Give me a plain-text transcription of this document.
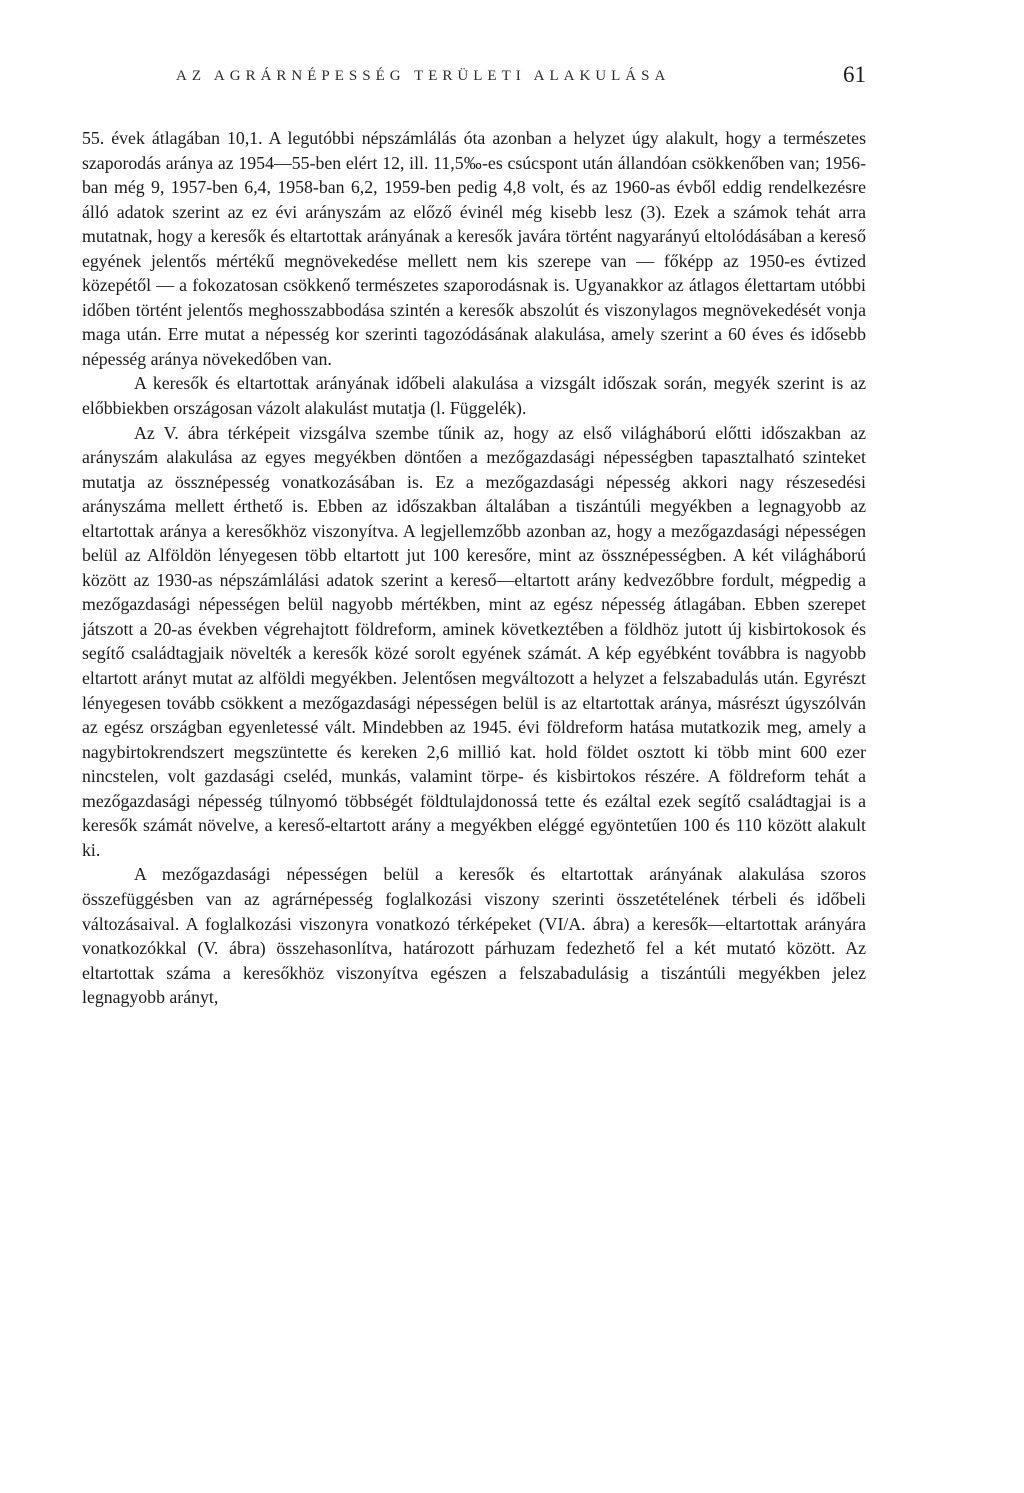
AZ AGRÁRNÉPESSÉG TERÜLETI ALAKULÁSA	61

55. évek átlagában 10,1. A legutóbbi népszámlálás óta azonban a helyzet úgy alakult, hogy a természetes szaporodás aránya az 1954—55-ben elért 12, ill. 11,5‰-es csúcspont után állandóan csökkenőben van; 1956-ban még 9, 1957-ben 6,4, 1958-ban 6,2, 1959-ben pedig 4,8 volt, és az 1960-as évből eddig rendelkezésre álló adatok szerint az ez évi arányszám az előző évinél még kisebb lesz (3). Ezek a számok tehát arra mutatnak, hogy a keresők és eltartottak arányának a keresők javára történt nagyarányú eltolódásában a kereső egyének jelentős mértékű megnövekedése mellett nem kis szerepe van — főképp az 1950-es évtized közepétől — a fokozatosan csökkenő természetes szaporodásnak is. Ugyanakkor az átlagos élettartam utóbbi időben történt jelentős meghosszabbodása szintén a keresők abszolút és viszonylagos megnövekedését vonja maga után. Erre mutat a népesség kor szerinti tagozódásának alakulása, amely szerint a 60 éves és idősebb népesség aránya növekedőben van.

A keresők és eltartottak arányának időbeli alakulása a vizsgált időszak során, megyék szerint is az előbbiekben országosan vázolt alakulást mutatja (l. Függelék).

Az V. ábra térképeit vizsgálva szembe tűnik az, hogy az első világháború előtti időszakban az arányszám alakulása az egyes megyékben döntően a mezőgazdasági népességben tapasztalható szinteket mutatja az össznépesség vonatkozásában is. Ez a mezőgazdasági népesség akkori nagy részesedési arányszáma mellett érthető is. Ebben az időszakban általában a tiszántúli megyékben a legnagyobb az eltartottak aránya a keresőkhöz viszonyítva. A legjellemzőbb azonban az, hogy a mezőgazdasági népességen belül az Alföldön lényegesen több eltartott jut 100 keresőre, mint az össznépességben. A két világháború között az 1930-as népszámlálási adatok szerint a kereső—eltartott arány kedvezőbbre fordult, mégpedig a mezőgazdasági népességen belül nagyobb mértékben, mint az egész népesség átlagában. Ebben szerepet játszott a 20-as években végrehajtott földreform, aminek következtében a földhöz jutott új kisbirtokosok és segítő családtagjaik növelték a keresők közé sorolt egyének számát. A kép egyébként továbbra is nagyobb eltartott arányt mutat az alföldi megyékben. Jelentősen megváltozott a helyzet a felszabadulás után. Egyrészt lényegesen tovább csökkent a mezőgazdasági népességen belül is az eltartottak aránya, másrészt úgyszólván az egész országban egyenletessé vált. Mindebben az 1945. évi földreform hatása mutatkozik meg, amely a nagybirtokrendszert megszüntette és kereken 2,6 millió kat. hold földet osztott ki több mint 600 ezer nincstelen, volt gazdasági cseléd, munkás, valamint törpe- és kisbirtokos részére. A földreform tehát a mezőgazdasági népesség túlnyomó többségét földtulajdonossá tette és ezáltal ezek segítő családtagjai is a keresők számát növelve, a kereső-eltartott arány a megyékben eléggé egyöntetűen 100 és 110 között alakult ki.

A mezőgazdasági népességen belül a keresők és eltartottak arányának alakulása szoros összefüggésben van az agrárnépesség foglalkozási viszony szerinti összetételének térbeli és időbeli változásaival. A foglalkozási viszonyra vonatkozó térképeket (VI/A. ábra) a keresők—eltartottak arányára vonatkozókkal (V. ábra) összehasonlítva, határozott párhuzam fedezhető fel a két mutató között. Az eltartottak száma a keresőkhöz viszonyítva egészen a felszabadulásig a tiszántúli megyékben jelez legnagyobb arányt,
